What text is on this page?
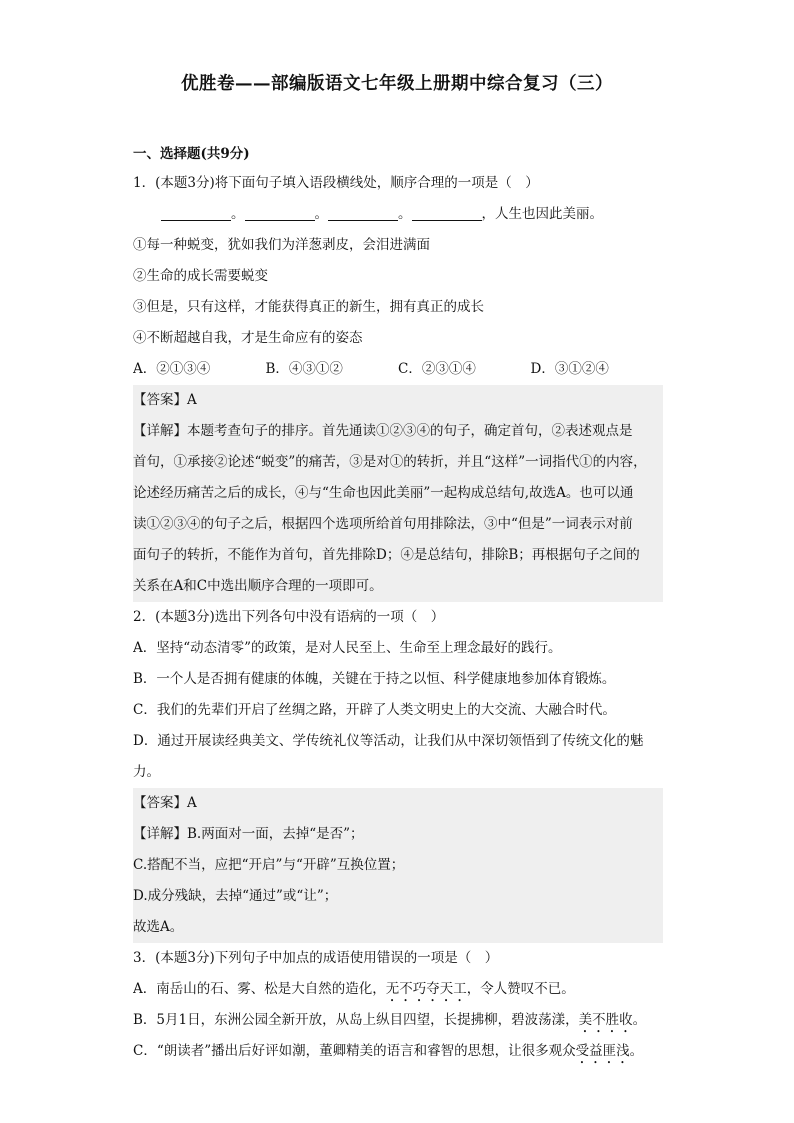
优胜卷——部编版语文七年级上册期中综合复习（三）
一、选择题(共9分)
1．(本题3分)将下面句子填入语段横线处，顺序合理的一项是（　）
。	。	。	，人生也因此美丽。
①每一种蜕变，犹如我们为洋葱剥皮，会泪进满面
②生命的成长需要蜕变
③但是，只有这样，才能获得真正的新生，拥有真正的成长
④不断超越自我，才是生命应有的姿态
A．②①③④	B．④③①②	C．②③①④	D．③①②④
【答案】A
【详解】本题考查句子的排序。首先通读①②③④的句子，确定首句，②表述观点是
首句，①承接②论述“蜕变”的痛苦，③是对①的转折，并且“这样”一词指代①的内容，
论述经历痛苦之后的成长，④与“生命也因此美丽”一起构成总结句,故选A。也可以通
读①②③④的句子之后，根据四个选项所给首句用排除法，③中“但是”一词表示对前
面句子的转折，不能作为首句，首先排除D；④是总结句，排除B；再根据句子之间的
关系在A和C中选出顺序合理的一项即可。
2．(本题3分)选出下列各句中没有语病的一项（　）
A．坚持“动态清零”的政策，是对人民至上、生命至上理念最好的践行。
B．一个人是否拥有健康的体魄，关键在于持之以恒、科学健康地参加体育锻炼。
C．我们的先辈们开启了丝绸之路，开辟了人类文明史上的大交流、大融合时代。
D．通过开展读经典美文、学传统礼仪等活动，让我们从中深切领悟到了传统文化的魅
力。
【答案】A
【详解】B.两面对一面，去掉“是否”；
C.搭配不当，应把“开启”与“开辟”互换位置；
D.成分残缺，去掉“通过”或“让”；
故选A。
3．(本题3分)下列句子中加点的成语使用错误的一项是（　）
A．南岳山的石、雾、松是大自然的造化，无不巧夺天工，令人赞叹不已。
B．5月1日，东洲公园全新开放，从岛上纵目四望，长提拂柳，碧波荡漾，美不胜收。
C．“朗读者”播出后好评如潮，董卿精美的语言和睿智的思想，让很多观众受益匪浅。
